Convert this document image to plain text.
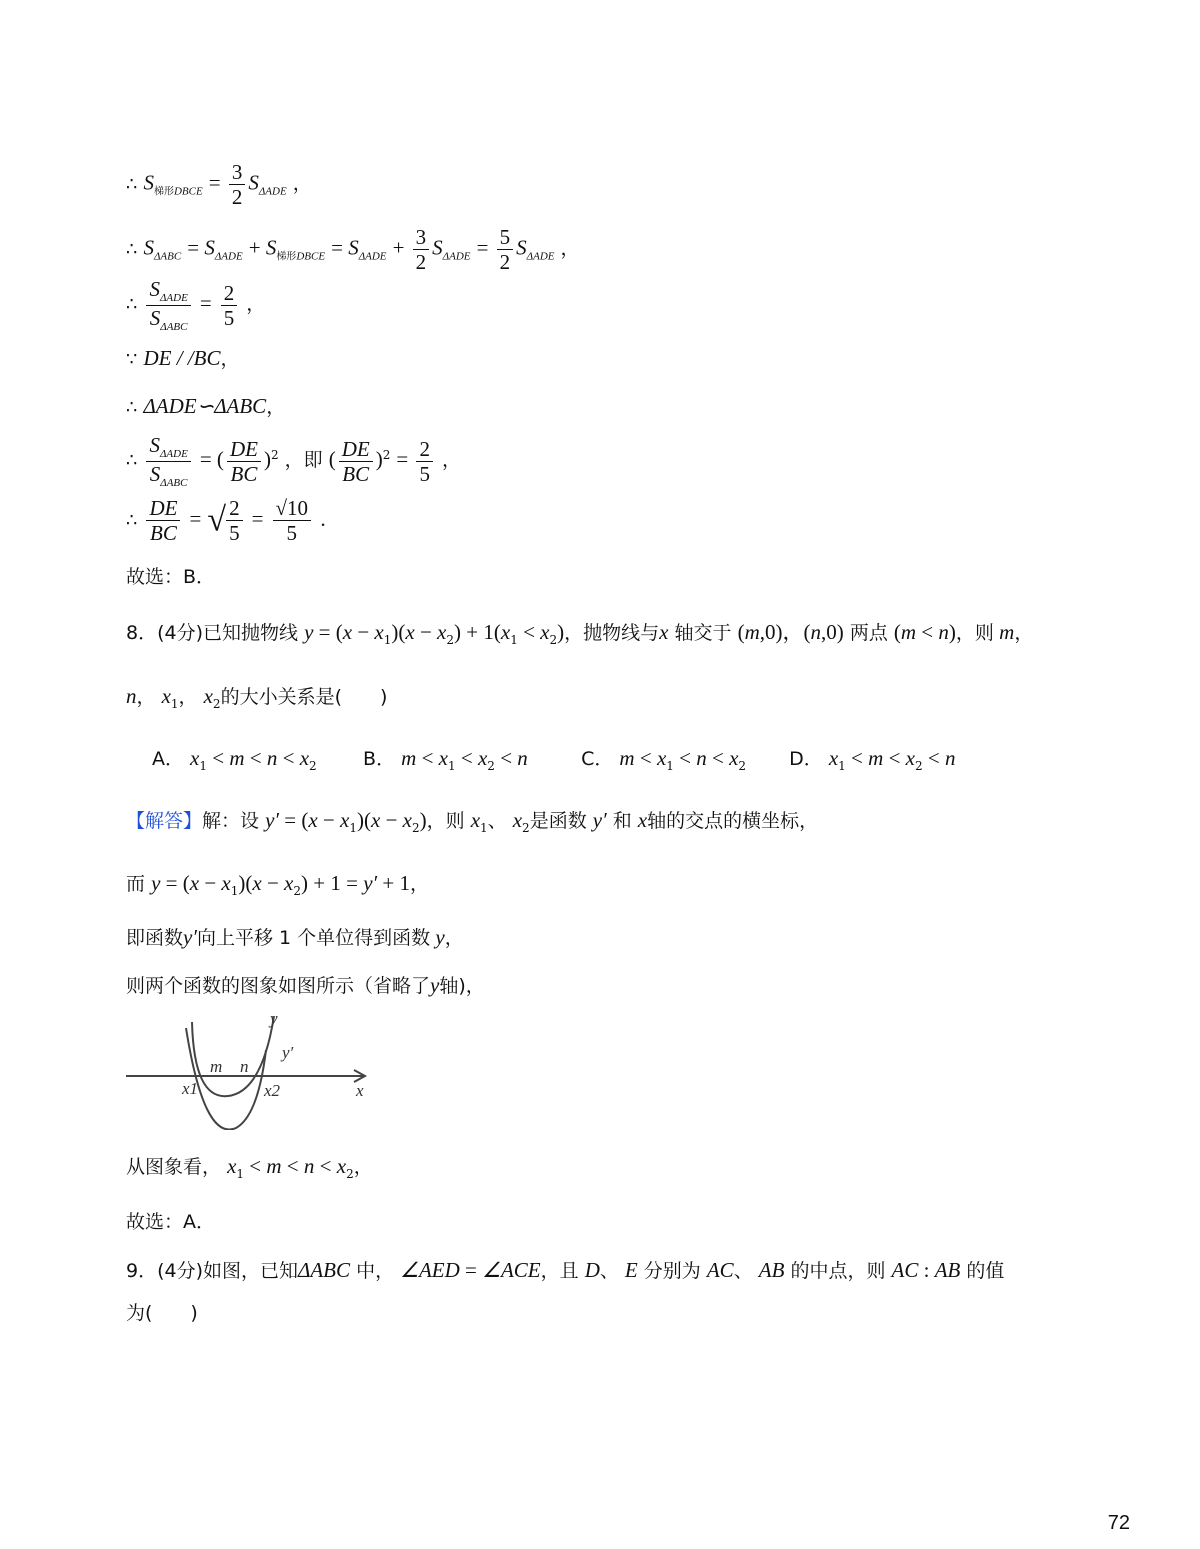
∴ $S_{梯形DBCE} = \frac{3}{2} S_{\Delta ADE}$ ，
∴ $S_{\Delta ABC} = S_{\Delta ADE} + S_{梯形DBCE} = S_{\Delta ADE} + \frac{3}{2} S_{\Delta ADE} = \frac{5}{2} S_{\Delta ADE}$ ，
∴ $\frac{S_{\Delta ADE}}{S_{\Delta ABC}} = \frac{2}{5}$ ，
∵ DE / /BC，
∴ ΔADE∽ΔABC，
∴ $\frac{S_{\Delta ADE}}{S_{\Delta ABC}}$ = ( $\frac{DE}{BC} )^2$ ，即 ( $\frac{DE}{BC} )^2 = \frac{2}{5}$ ，
∴ $\frac{DE}{BC}$ = √ $\frac{2}{5} = \frac{√10}{5}$ ．
故选：B．
8．(4分)已知抛物线 $y = (x - x_1)(x - x_2) + 1(x_1 < x_2)$，抛物线与x 轴交于 (m,0)，(n,0) 两点 (m < n)，则 m，
n， $x_1$， $x_2$的大小关系是(　　)
A． $x_1 < m < n < x_2$ B． $m < x_1 < x_2 < n$	C． $m < x_1 < n < x_2$ D． $x_1 < m < x_2 < n$
【解答】解：设 $y' = (x - x_1)(x - x_2)$，则 $x_1$、 $x_2$是函数 y′ 和 x轴的交点的横坐标，
而 $y = (x - x_1)(x - x_2) + 1 = y' + 1$，
即函数y′向上平移 1 个单位得到函数 y，
则两个函数的图象如图所示（省略了y轴)，
y
y′
m n
x1	x2	x
从图象看， $x_1 < m < n < x_2$，
故选：A．
9．(4分)如图，已知ΔABC 中， ∠AED = ∠ACE，且 D、 E 分别为 AC、 AB 的中点，则 AC : AB 的值
为(　　)
72
